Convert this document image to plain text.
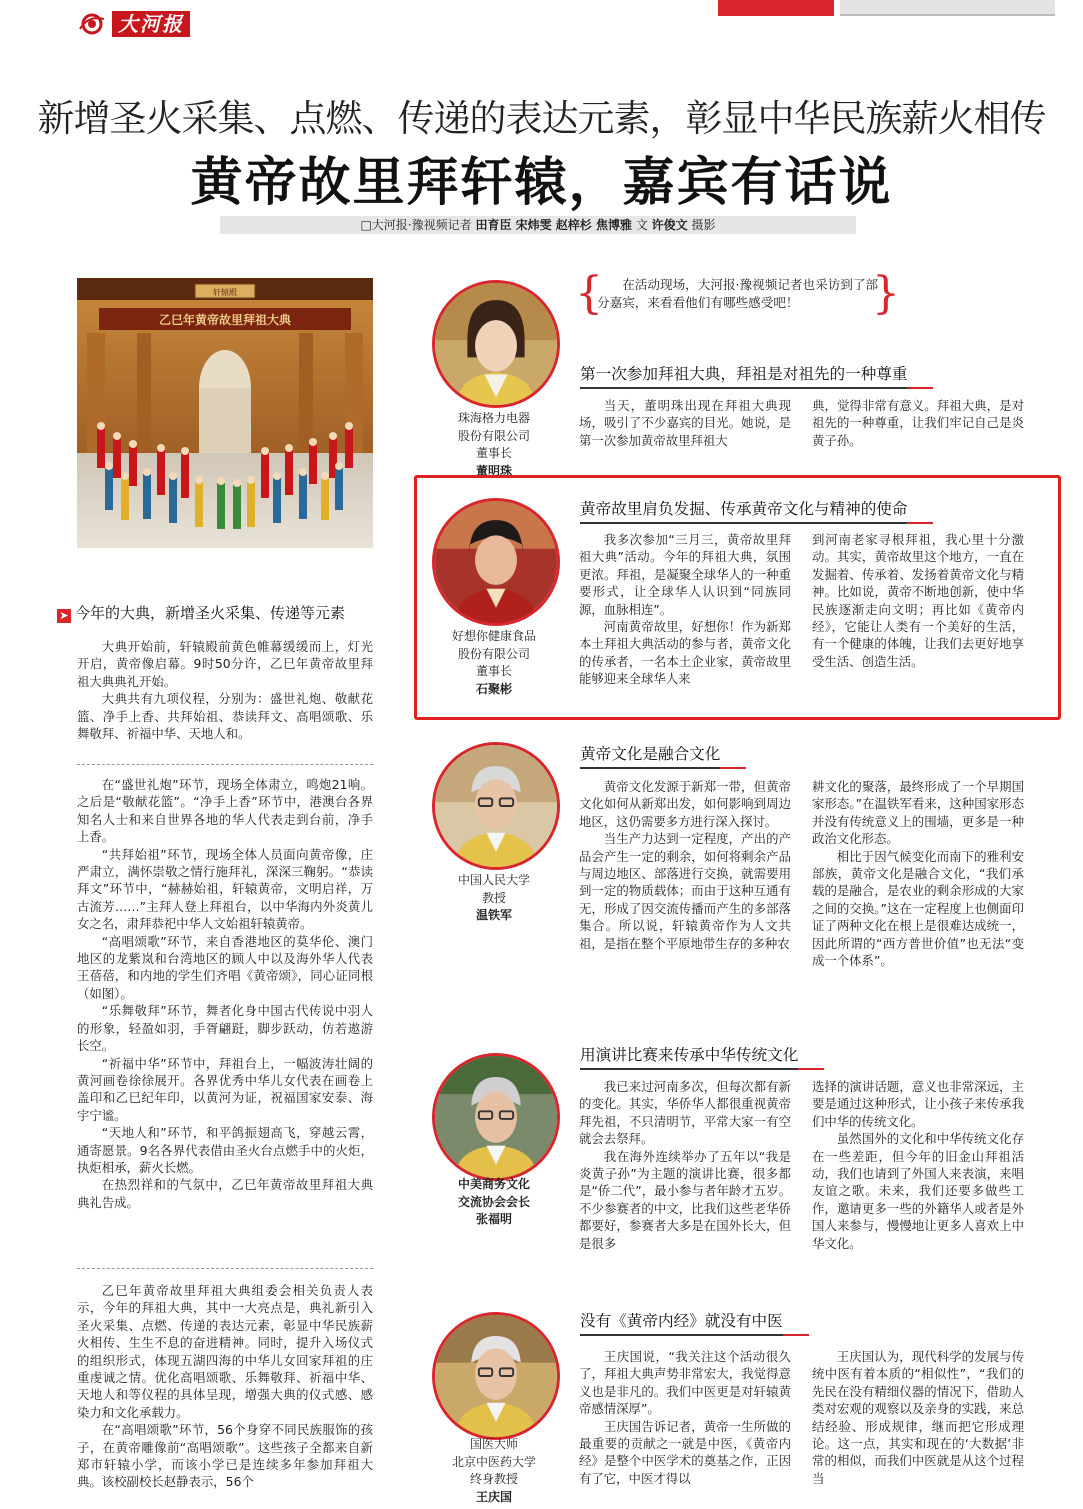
大河报
新增圣火采集、点燃、传递的表达元素，彰显中华民族薪火相传
黄帝故里拜轩辕，嘉宾有话说
□大河报·豫视频记者 田育臣 宋炜雯 赵梓杉 焦博雅 文 许俊文 摄影
轩辕殿
乙巳年黄帝故里拜祖大典
➤ 今年的大典，新增圣火采集、传递等元素

大典开始前，轩辕殿前黄色帷幕缓缓而上，灯光开启，黄帝像启幕。9时50分许，乙巳年黄帝故里拜祖大典典礼开始。

大典共有九项仪程，分别为：盛世礼炮、敬献花篮、净手上香、共拜始祖、恭读拜文、高唱颂歌、乐舞敬拜、祈福中华、天地人和。

在“盛世礼炮”环节，现场全体肃立，鸣炮21响。之后是“敬献花篮”。“净手上香”环节中，港澳台各界知名人士和来自世界各地的华人代表走到台前，净手上香。

“共拜始祖”环节，现场全体人员面向黄帝像，庄严肃立，满怀崇敬之情行施拜礼，深深三鞠躬。“恭读拜文”环节中，“赫赫始祖，轩辕黄帝，文明启祥，万古流芳……”主拜人登上拜祖台，以中华海内外炎黄儿女之名，肃拜恭祀中华人文始祖轩辕黄帝。

“高唱颂歌”环节，来自香港地区的莫华伦、澳门地区的龙紫岚和台湾地区的顾人中以及海外华人代表王蓓蓓，和内地的学生们齐唱《黄帝颂》，同心证同根（如图）。

“乐舞敬拜”环节，舞者化身中国古代传说中羽人的形象，轻盈如羽，手胥翩跹，脚步跃动，仿若遨游长空。

“祈福中华”环节中，拜祖台上，一幅波涛壮阔的黄河画卷徐徐展开。各界优秀中华儿女代表在画卷上盖印和乙巳纪年印，以黄河为证，祝福国家安泰、海宇宁谧。

“天地人和”环节，和平鸽振翅高飞，穿越云霄，通寄愿景。9名各界代表借由圣火台点燃手中的火炬，执炬相承，薪火长燃。

在热烈祥和的气氛中，乙巳年黄帝故里拜祖大典典礼告成。

乙巳年黄帝故里拜祖大典组委会相关负责人表示，今年的拜祖大典，其中一大亮点是，典礼新引入圣火采集、点燃、传递的表达元素，彰显中华民族薪火相传、生生不息的奋进精神。同时，提升入场仪式的组织形式，体现五湖四海的中华儿女回家拜祖的庄重虔诚之情。优化高唱颂歌、乐舞敬拜、祈福中华、天地人和等仪程的具体呈现，增强大典的仪式感、感染力和文化承载力。

在“高唱颂歌”环节，56个身穿不同民族服饰的孩子，在黄帝雕像前“高唱颂歌”。这些孩子全都来自新郑市轩辕小学，而该小学已是连续多年参加拜祖大典。该校副校长赵静表示，56个

{	在活动现场，大河报·豫视频记者也采访到了部分嘉宾，来看看他们有哪些感受吧！	}
珠海格力电器
股份有限公司
董事长
董明珠
第一次参加拜祖大典，拜祖是对祖先的一种尊重

当天，董明珠出现在拜祖大典现场，吸引了不少嘉宾的目光。她说，是第一次参加黄帝故里拜祖大

典，觉得非常有意义。拜祖大典，是对祖先的一种尊重，让我们牢记自己是炎黄子孙。

好想你健康食品
股份有限公司
董事长
石聚彬
黄帝故里肩负发掘、传承黄帝文化与精神的使命

我多次参加“三月三，黄帝故里拜祖大典”活动。今年的拜祖大典，氛围更浓。拜祖，是凝聚全球华人的一种重要形式，让全球华人认识到“同族同源，血脉相连”。

河南黄帝故里，好想你！作为新郑本土拜祖大典活动的参与者，黄帝文化的传承者，一名本土企业家，黄帝故里能够迎来全球华人来

到河南老家寻根拜祖，我心里十分激动。其实，黄帝故里这个地方，一直在发掘着、传承着、发扬着黄帝文化与精神。比如说，黄帝不断地创新，使中华民族逐渐走向文明；再比如《黄帝内经》，它能让人类有一个美好的生活，有一个健康的体魄，让我们去更好地享受生活、创造生活。

中国人民大学
教授
温铁军
黄帝文化是融合文化

黄帝文化发源于新郑一带，但黄帝文化如何从新郑出发，如何影响到周边地区，这仍需要多方进行深入探讨。

当生产力达到一定程度，产出的产品会产生一定的剩余，如何将剩余产品与周边地区、部落进行交换，就需要用到一定的物质载体；而由于这种互通有无，形成了因交流传播而产生的多部落集合。所以说，轩辕黄帝作为人文共祖，是指在整个平原地带生存的多种农

耕文化的聚落，最终形成了一个早期国家形态。”在温铁军看来，这种国家形态并没有传统意义上的围墙，更多是一种政治文化形态。

相比于因气候变化而南下的雅利安部族，黄帝文化是融合文化，“我们承载的是融合，是农业的剩余形成的大家之间的交换。”这在一定程度上也侧面印证了两种文化在根上是很难达成统一，因此所谓的“西方普世价值”也无法“变成一个体系”。

中美商务文化
交流协会会长
张福明
用演讲比赛来传承中华传统文化

我已来过河南多次，但每次都有新的变化。其实，华侨华人都很重视黄帝拜先祖，不只清明节，平常大家一有空就会去祭拜。

我在海外连续举办了五年以“我是炎黄子孙”为主题的演讲比赛，很多都是“侨二代”，最小参与者年龄才五岁。不少参赛者的中文，比我们这些老华侨都要好，参赛者大多是在国外长大，但是很多

选择的演讲话题，意义也非常深远，主要是通过这种形式，让小孩子来传承我们中华的传统文化。

虽然国外的文化和中华传统文化存在一些差距，但今年的旧金山拜祖活动，我们也请到了外国人来表演，来唱友谊之歌。未来，我们还要多做些工作，邀请更多一些的外籍华人或者是外国人来参与，慢慢地让更多人喜欢上中华文化。

国医大师
北京中医药大学
终身教授
王庆国
没有《黄帝内经》就没有中医

王庆国说，“我关注这个活动很久了，拜祖大典声势非常宏大，我觉得意义也是非凡的。我们中医更是对轩辕黄帝感情深厚”。

王庆国告诉记者，黄帝一生所做的最重要的贡献之一就是中医，《黄帝内经》是整个中医学术的奠基之作，正因有了它，中医才得以

王庆国认为，现代科学的发展与传统中医有着本质的“相似性”，“我们的先民在没有精细仪器的情况下，借助人类对宏观的观察以及亲身的实践，来总结经验、形成规律，继而把它形成理论。这一点，其实和现在的‘大数据’非常的相似，而我们中医就是从这个过程当
